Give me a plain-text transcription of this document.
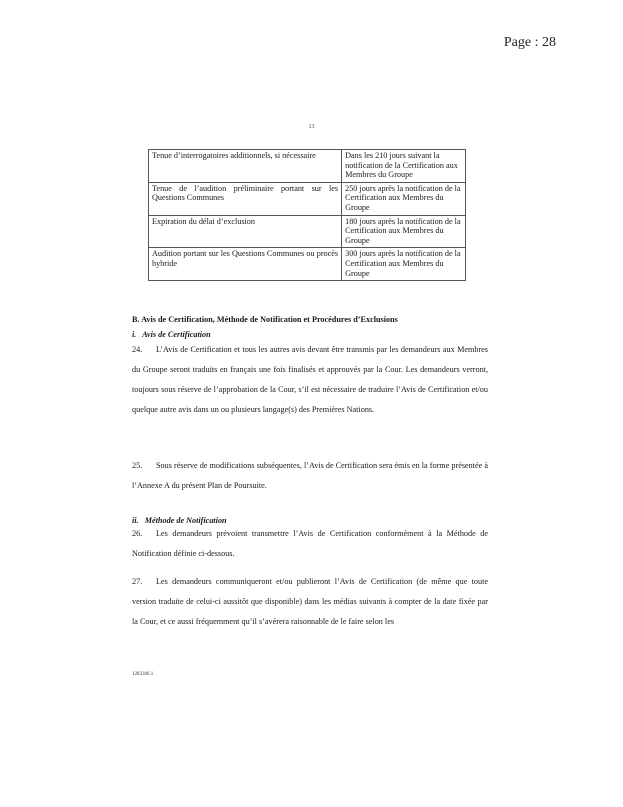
Page : 28
13
Tenue d’interrogatoires additionnels, si nécessaire	Dans les 210 jours suivant la notification de la Certification aux Membres du Groupe
Tenue de l’audition préliminaire portant sur les Questions Communes	250 jours après la notification de la Certification aux Membres du Groupe
Expiration du délai d’exclusion	180 jours après la notification de la Certification aux Membres du Groupe
Audition portant sur les Questions Communes ou procès hybride	300 jours après la notification de la Certification aux Membres du Groupe
B. Avis de Certification, Méthode de Notification et Procédures d’Exclusions
i.   Avis de Certification

24. L’Avis de Certification et tous les autres avis devant être transmis par les demandeurs aux Membres du Groupe seront traduits en français une fois finalisés et approuvés par la Cour. Les demandeurs verront, toujours sous réserve de l’approbation de la Cour, s’il est nécessaire de traduire l’Avis de Certification et/ou quelque autre avis dans un ou plusieurs langage(s) des Premières Nations.

25. Sous réserve de modifications subséquentes, l’Avis de Certification sera émis en la forme présentée à l’Annexe A du présent Plan de Poursuite.

ii.   Méthode de Notification

26. Les demandeurs prévoient transmettre l’Avis de Certification conformément à la Méthode de Notification définie ci-dessous.

27. Les demandeurs communiqueront et/ou publieront l’Avis de Certification (de même que toute version traduite de celui-ci aussitôt que disponible) dans les médias suivants à compter de la date fixée par la Cour, et ce aussi fréquemment qu’il s’avérera raisonnable de le faire selon les

1283306.1
